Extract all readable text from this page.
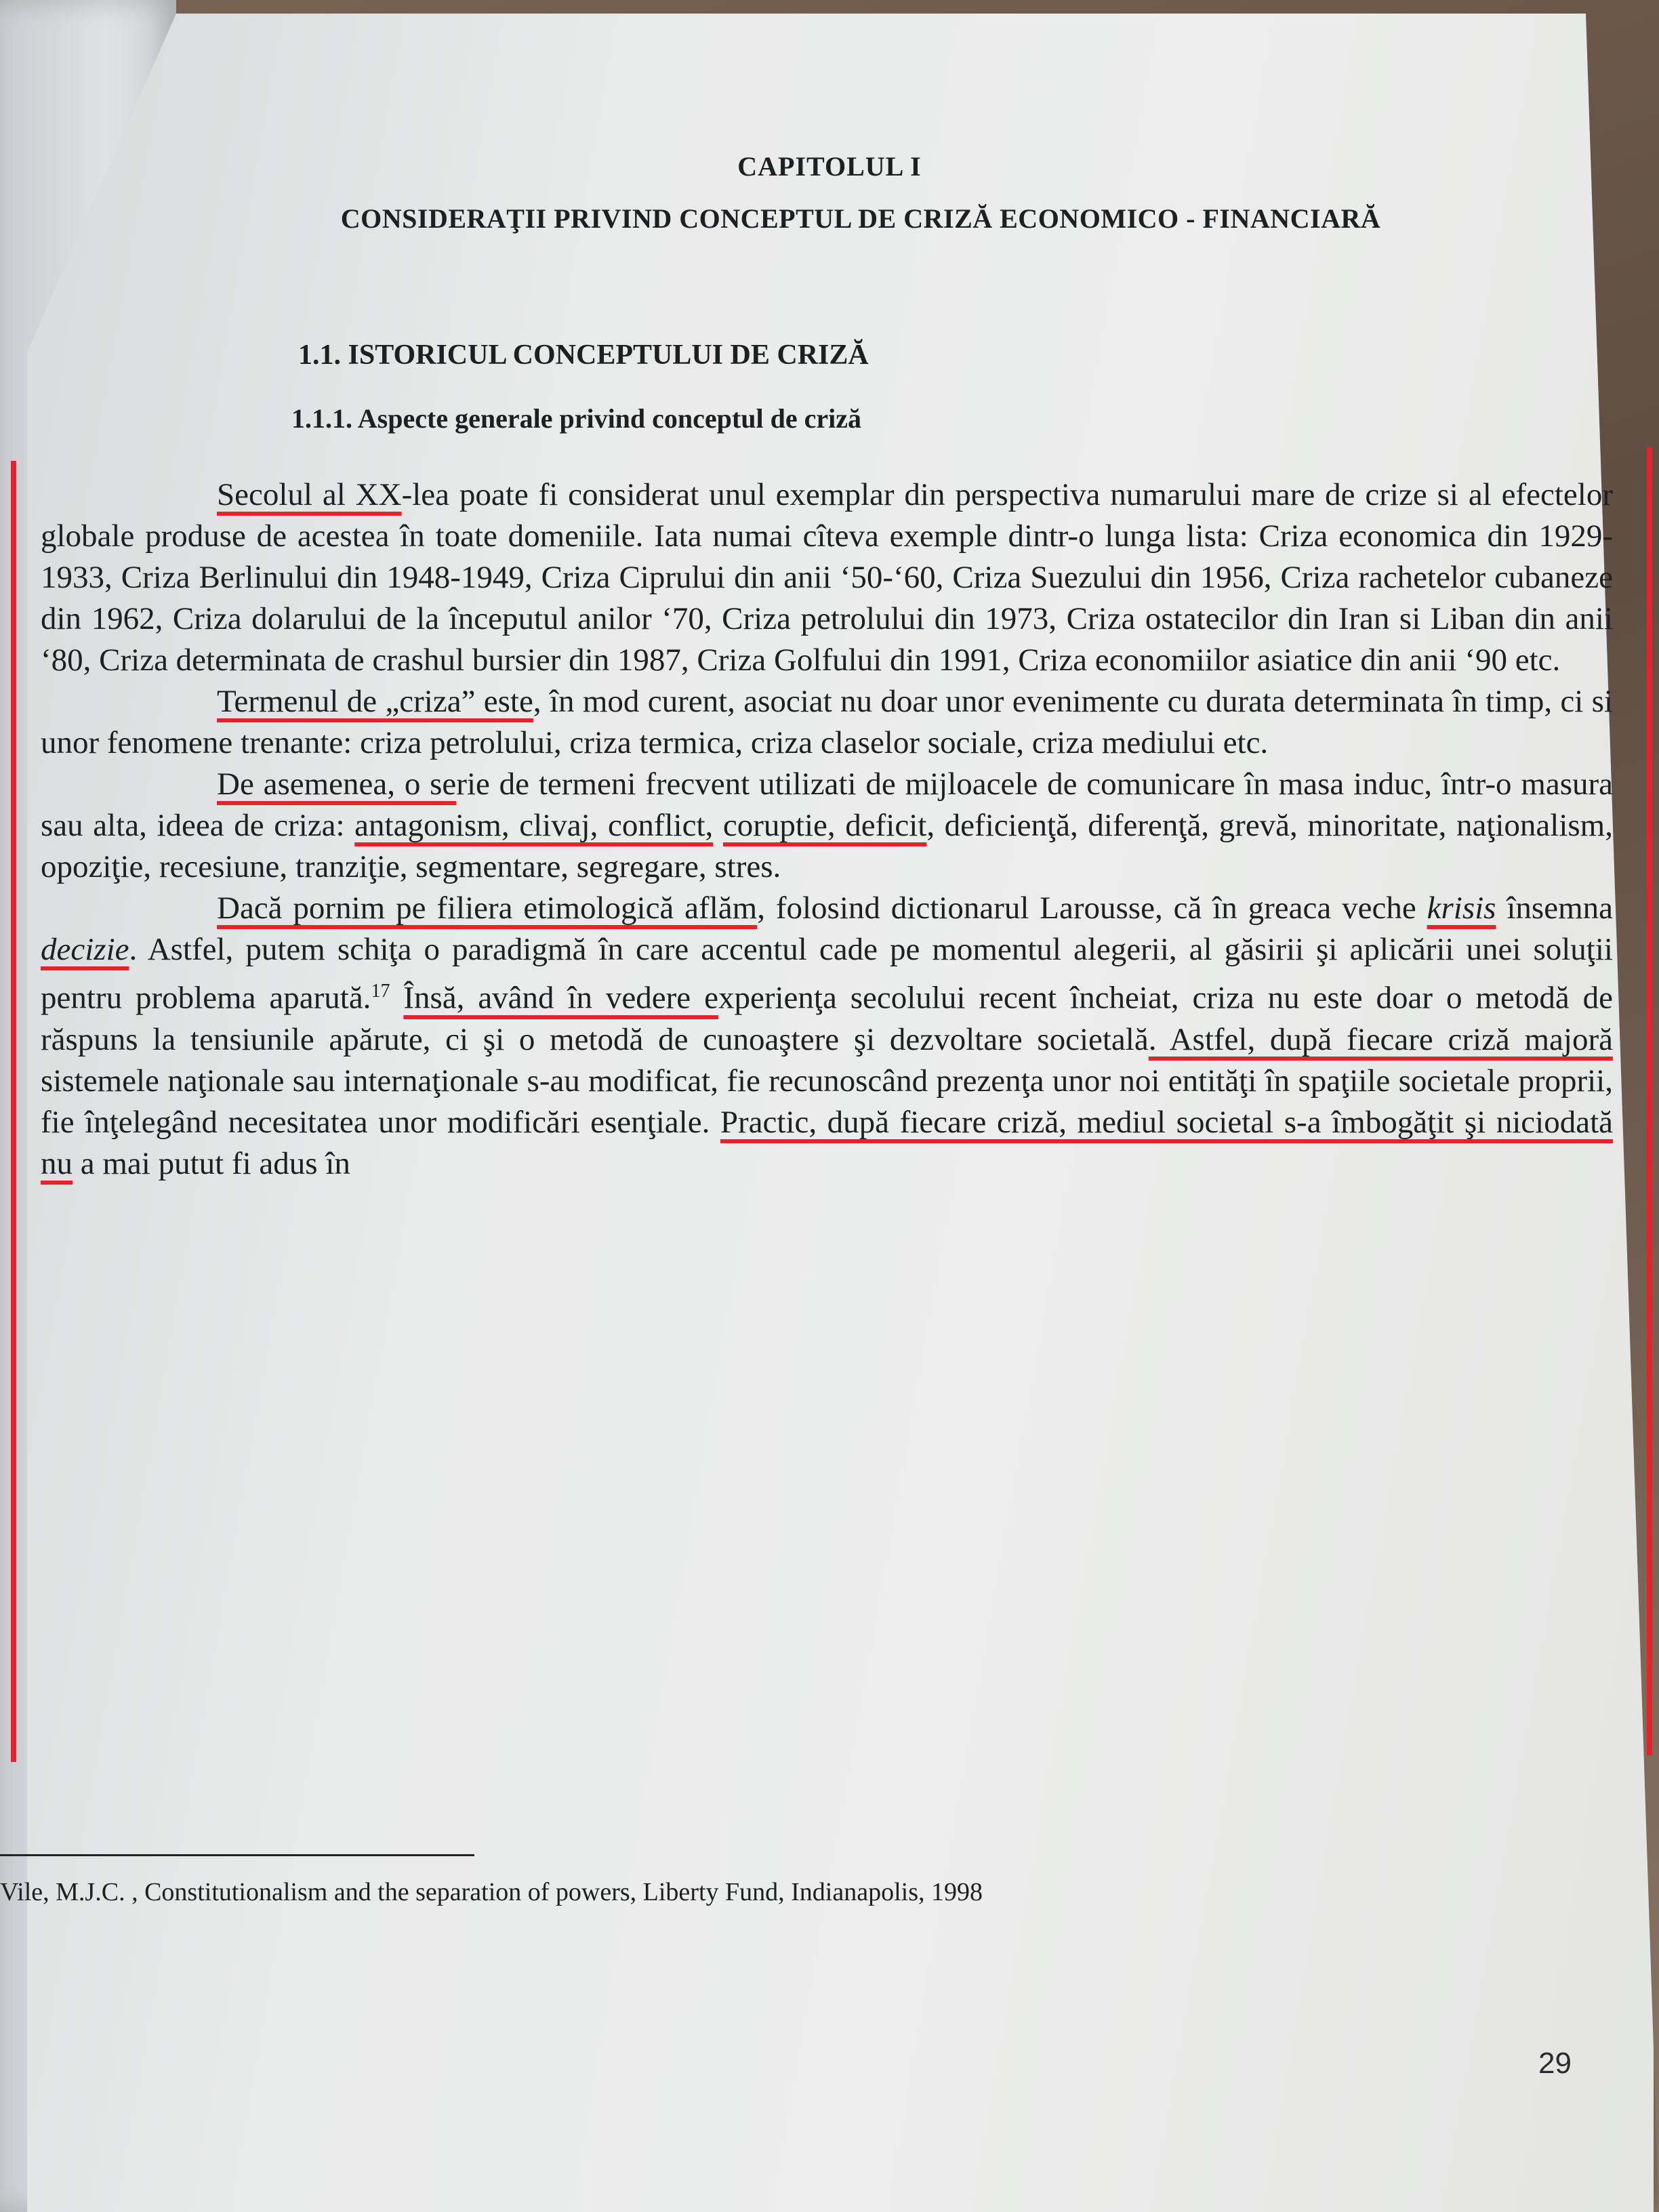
CAPITOLUL I
CONSIDERAŢII PRIVIND CONCEPTUL DE CRIZĂ ECONOMICO - FINANCIARĂ
1.1. ISTORICUL CONCEPTULUI DE CRIZĂ
1.1.1. Aspecte generale privind conceptul de criză

Secolul al XX-lea poate fi considerat unul exemplar din perspectiva numarului mare de crize si al efectelor globale produse de acestea în toate domeniile. Iata numai cîteva exemple dintr-o lunga lista: Criza economica din 1929-1933, Criza Berlinului din 1948-1949, Criza Ciprului din anii ‘50-‘60, Criza Suezului din 1956, Criza rachetelor cubaneze din 1962, Criza dolarului de la începutul anilor ‘70, Criza petrolului din 1973, Criza ostatecilor din Iran si Liban din anii ‘80, Criza determinata de crashul bursier din 1987, Criza Golfului din 1991, Criza economiilor asiatice din anii ‘90 etc.

Termenul de „criza” este, în mod curent, asociat nu doar unor evenimente cu durata determinata în timp, ci si unor fenomene trenante: criza petrolului, criza termica, criza claselor sociale, criza mediului etc.

De asemenea, o serie de termeni frecvent utilizati de mijloacele de comunicare în masa induc, într-o masura sau alta, ideea de criza: antagonism, clivaj, conflict, coruptie, deficit, deficienţă, diferenţă, grevă, minoritate, naţionalism, opoziţie, recesiune, tranziţie, segmentare, segregare, stres.

Dacă pornim pe filiera etimologică aflăm, folosind dictionarul Larousse, că în greaca veche krisis însemna decizie. Astfel, putem schiţa o paradigmă în care accentul cade pe momentul alegerii, al găsirii şi aplicării unei soluţii pentru problema aparută.$^{17}$ Însă, având în vedere experienţa secolului recent încheiat, criza nu este doar o metodă de răspuns la tensiunile apărute, ci şi o metodă de cunoaştere şi dezvoltare societală. Astfel, după fiecare criză majoră sistemele naţionale sau internaţionale s-au modificat, fie recunoscând prezenţa unor noi entităţi în spaţiile societale proprii, fie înţelegând necesitatea unor modificări esenţiale. Practic, după fiecare criză, mediul societal s-a îmbogăţit şi niciodată nu a mai putut fi adus în

Vile, M.J.C. , Constitutionalism and the separation of powers, Liberty Fund, Indianapolis, 1998
29
